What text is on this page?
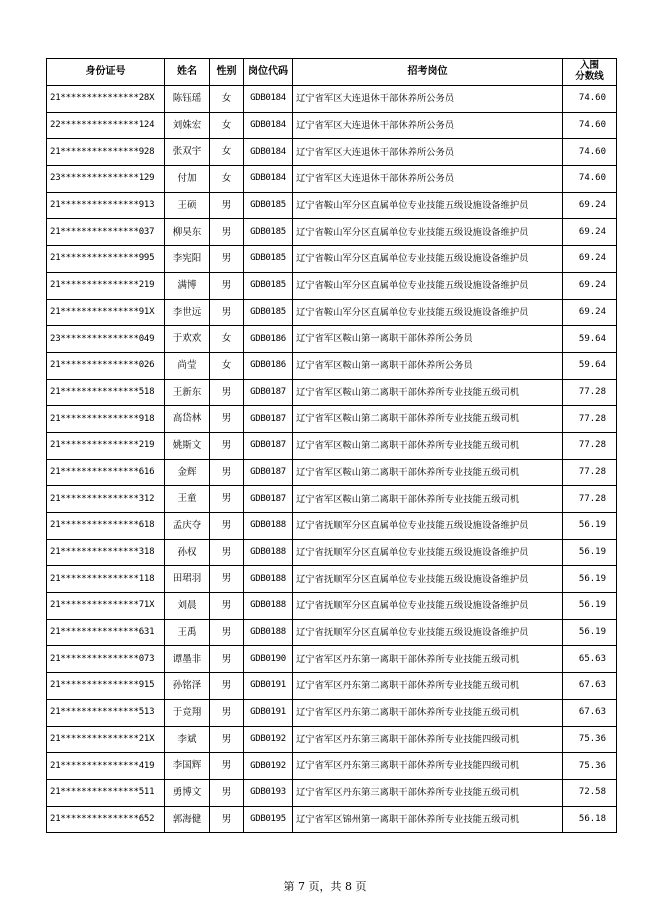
身份证号	姓名	性别	岗位代码	招考岗位	入围
分数线
21***************28X	陈钰瑶	女	GDB0184	辽宁省军区大连退休干部休养所公务员	74.60
22***************124	刘姝宏	女	GDB0184	辽宁省军区大连退休干部休养所公务员	74.60
21***************928	张双宇	女	GDB0184	辽宁省军区大连退休干部休养所公务员	74.60
23***************129	付加	女	GDB0184	辽宁省军区大连退休干部休养所公务员	74.60
21***************913	王硕	男	GDB0185	辽宁省鞍山军分区直属单位专业技能五级设施设备维护员	69.24
21***************037	柳昊东	男	GDB0185	辽宁省鞍山军分区直属单位专业技能五级设施设备维护员	69.24
21***************995	李宪阳	男	GDB0185	辽宁省鞍山军分区直属单位专业技能五级设施设备维护员	69.24
21***************219	满博	男	GDB0185	辽宁省鞍山军分区直属单位专业技能五级设施设备维护员	69.24
21***************91X	李世远	男	GDB0185	辽宁省鞍山军分区直属单位专业技能五级设施设备维护员	69.24
23***************049	于欢欢	女	GDB0186	辽宁省军区鞍山第一离职干部休养所公务员	59.64
21***************026	尚莹	女	GDB0186	辽宁省军区鞍山第一离职干部休养所公务员	59.64
21***************518	王新东	男	GDB0187	辽宁省军区鞍山第二离职干部休养所专业技能五级司机	77.28
21***************918	高岱林	男	GDB0187	辽宁省军区鞍山第二离职干部休养所专业技能五级司机	77.28
21***************219	姚斯文	男	GDB0187	辽宁省军区鞍山第二离职干部休养所专业技能五级司机	77.28
21***************616	金辉	男	GDB0187	辽宁省军区鞍山第二离职干部休养所专业技能五级司机	77.28
21***************312	王童	男	GDB0187	辽宁省军区鞍山第二离职干部休养所专业技能五级司机	77.28
21***************618	孟庆夺	男	GDB0188	辽宁省抚顺军分区直属单位专业技能五级设施设备维护员	56.19
21***************318	孙权	男	GDB0188	辽宁省抚顺军分区直属单位专业技能五级设施设备维护员	56.19
21***************118	田珺羽	男	GDB0188	辽宁省抚顺军分区直属单位专业技能五级设施设备维护员	56.19
21***************71X	刘晨	男	GDB0188	辽宁省抚顺军分区直属单位专业技能五级设施设备维护员	56.19
21***************631	王禹	男	GDB0188	辽宁省抚顺军分区直属单位专业技能五级设施设备维护员	56.19
21***************073	谭墨非	男	GDB0190	辽宁省军区丹东第一离职干部休养所专业技能五级司机	65.63
21***************915	孙铭泽	男	GDB0191	辽宁省军区丹东第二离职干部休养所专业技能五级司机	67.63
21***************513	于竞翔	男	GDB0191	辽宁省军区丹东第二离职干部休养所专业技能五级司机	67.63
21***************21X	李斌	男	GDB0192	辽宁省军区丹东第三离职干部休养所专业技能四级司机	75.36
21***************419	李国辉	男	GDB0192	辽宁省军区丹东第三离职干部休养所专业技能四级司机	75.36
21***************511	勇博文	男	GDB0193	辽宁省军区丹东第三离职干部休养所专业技能五级司机	72.58
21***************652	郭海健	男	GDB0195	辽宁省军区锦州第一离职干部休养所专业技能五级司机	56.18
第 7 页，共 8 页
